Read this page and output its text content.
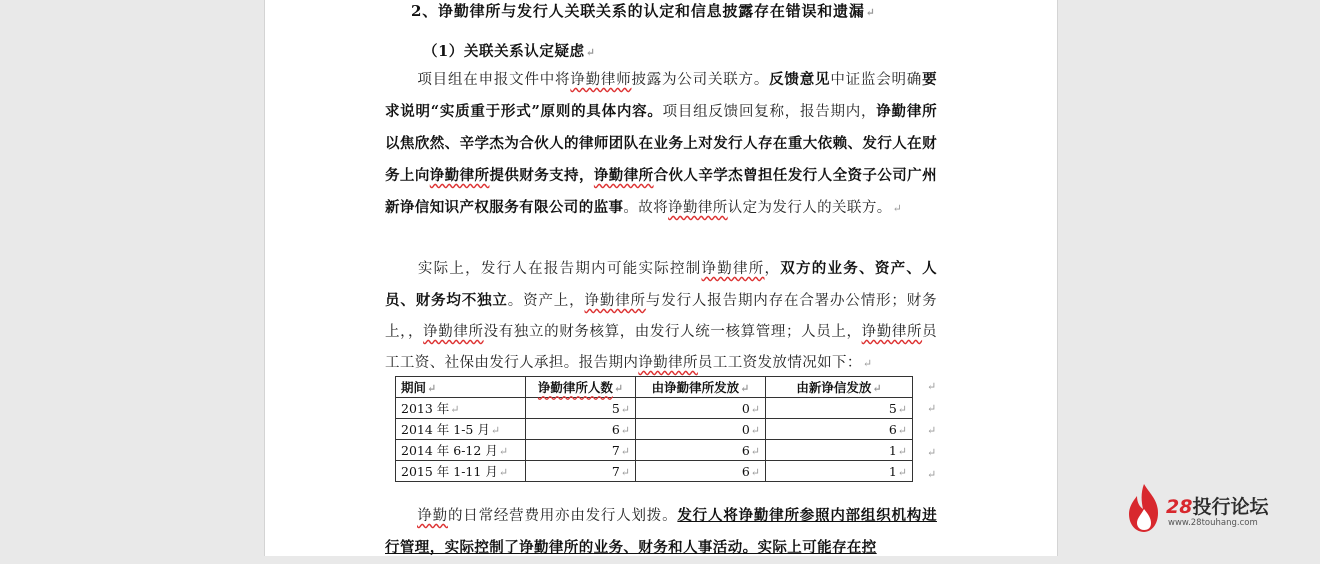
2、诤勤律所与发行人关联关系的认定和信息披露存在错误和遗漏↵
（1）关联关系认定疑虑↵
项目组在申报文件中将诤勤律师披露为公司关联方。反馈意见中证监会明确要求说明“实质重于形式”原则的具体内容。项目组反馈回复称，报告期内，诤勤律所以焦欣然、辛学杰为合伙人的律师团队在业务上对发行人存在重大依赖、发行人在财务上向诤勤律所提供财务支持，诤勤律所合伙人辛学杰曾担任发行人全资子公司广州新诤信知识产权服务有限公司的监事。故将诤勤律所认定为发行人的关联方。↵
实际上，发行人在报告期内可能实际控制诤勤律所，双方的业务、资产、人员、财务均不独立。资产上，诤勤律所与发行人报告期内存在合署办公情形；财务上，，诤勤律所没有独立的财务核算，由发行人统一核算管理；人员上，诤勤律所员工工资、社保由发行人承担。报告期内诤勤律所员工工资发放情况如下：↵
期间↵	诤勤律所人数↵	由诤勤律所发放↵	由新诤信发放↵
2013 年↵	5↵	0↵	5↵
2014 年 1-5 月↵	6↵	0↵	6↵
2014 年 6-12 月↵	7↵	6↵	1↵
2015 年 1-11 月↵	7↵	6↵	1↵
↵
↵
↵
↵
↵
诤勤的日常经营费用亦由发行人划拨。发行人将诤勤律所参照内部组织机构进行管理，实际控制了诤勤律所的业务、财务和人事活动。实际上可能存在控
28投行论坛
www.28touhang.com
